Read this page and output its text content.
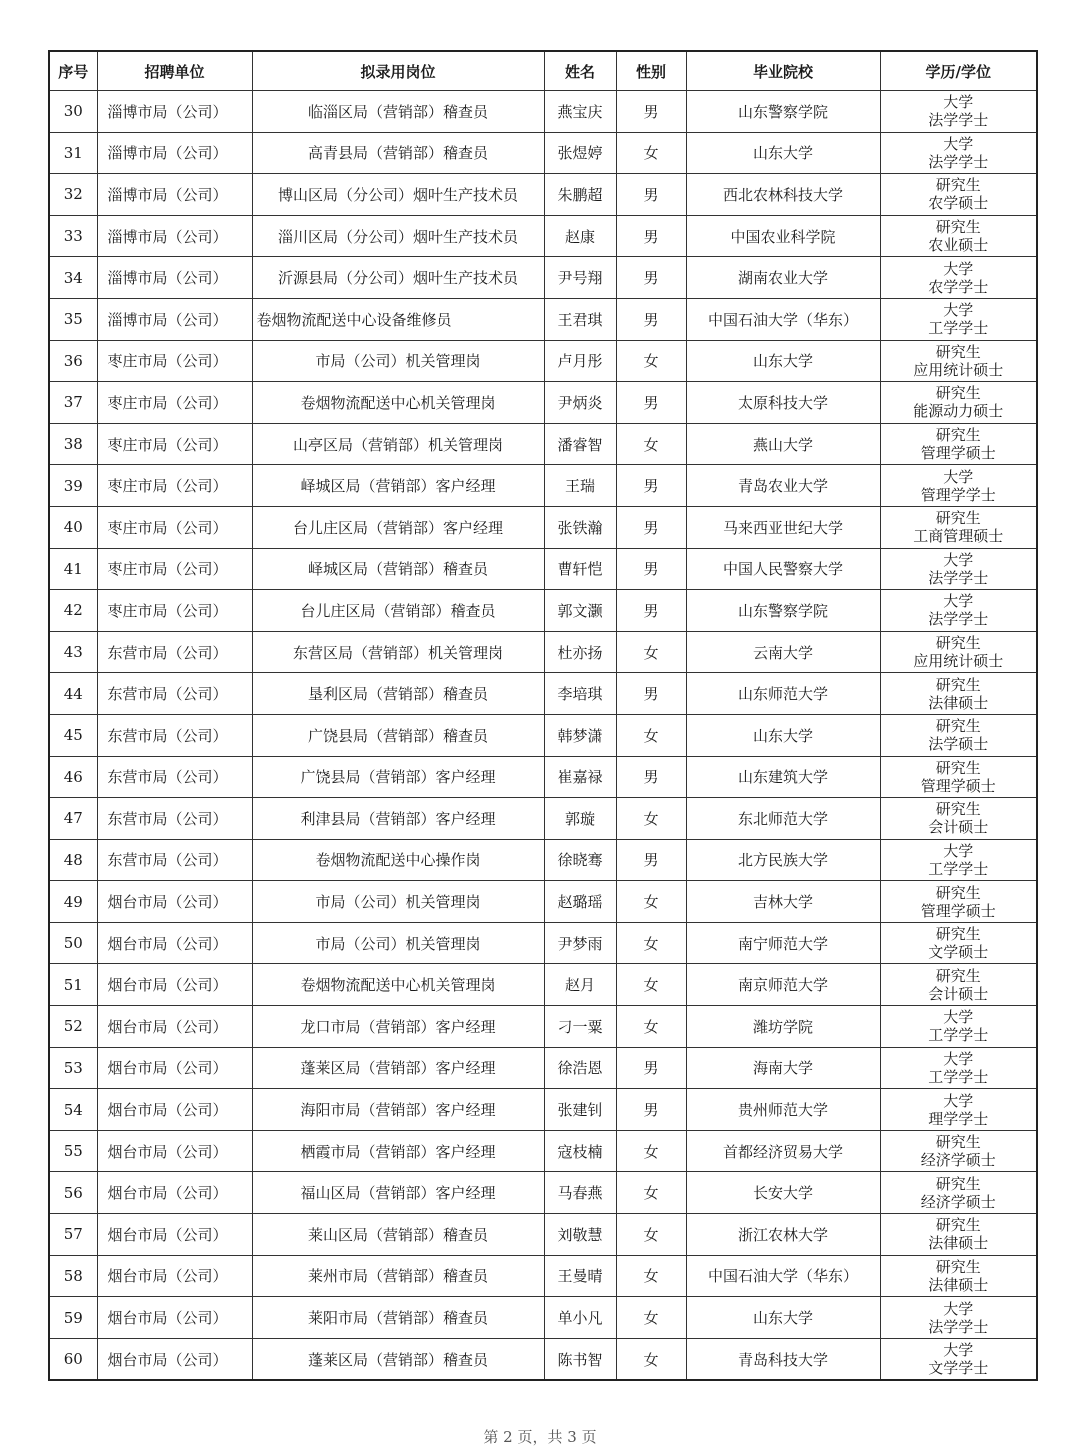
序号	招聘单位	拟录用岗位	姓名	性别	毕业院校	学历/学位
30	淄博市局（公司）	临淄区局（营销部）稽查员	燕宝庆	男	山东警察学院	大学
法学学士

31	淄博市局（公司）	高青县局（营销部）稽查员	张煜婷	女	山东大学	大学
法学学士

32	淄博市局（公司）	博山区局（分公司）烟叶生产技术员	朱鹏超	男	西北农林科技大学	研究生
农学硕士

33	淄博市局（公司）	淄川区局（分公司）烟叶生产技术员	赵康	男	中国农业科学院	研究生
农业硕士

34	淄博市局（公司）	沂源县局（分公司）烟叶生产技术员	尹号翔	男	湖南农业大学	大学
农学学士

35	淄博市局（公司）	卷烟物流配送中心设备维修员	王君琪	男	中国石油大学（华东）	大学
工学学士

36	枣庄市局（公司）	市局（公司）机关管理岗	卢月彤	女	山东大学	研究生
应用统计硕士

37	枣庄市局（公司）	卷烟物流配送中心机关管理岗	尹炳炎	男	太原科技大学	研究生
能源动力硕士

38	枣庄市局（公司）	山亭区局（营销部）机关管理岗	潘睿智	女	燕山大学	研究生
管理学硕士

39	枣庄市局（公司）	峄城区局（营销部）客户经理	王瑞	男	青岛农业大学	大学
管理学学士

40	枣庄市局（公司）	台儿庄区局（营销部）客户经理	张铁瀚	男	马来西亚世纪大学	研究生
工商管理硕士

41	枣庄市局（公司）	峄城区局（营销部）稽查员	曹轩恺	男	中国人民警察大学	大学
法学学士

42	枣庄市局（公司）	台儿庄区局（营销部）稽查员	郭文灏	男	山东警察学院	大学
法学学士

43	东营市局（公司）	东营区局（营销部）机关管理岗	杜亦扬	女	云南大学	研究生
应用统计硕士

44	东营市局（公司）	垦利区局（营销部）稽查员	李培琪	男	山东师范大学	研究生
法律硕士

45	东营市局（公司）	广饶县局（营销部）稽查员	韩梦潇	女	山东大学	研究生
法学硕士

46	东营市局（公司）	广饶县局（营销部）客户经理	崔嘉禄	男	山东建筑大学	研究生
管理学硕士

47	东营市局（公司）	利津县局（营销部）客户经理	郭璇	女	东北师范大学	研究生
会计硕士

48	东营市局（公司）	卷烟物流配送中心操作岗	徐晓骞	男	北方民族大学	大学
工学学士

49	烟台市局（公司）	市局（公司）机关管理岗	赵璐瑶	女	吉林大学	研究生
管理学硕士

50	烟台市局（公司）	市局（公司）机关管理岗	尹梦雨	女	南宁师范大学	研究生
文学硕士

51	烟台市局（公司）	卷烟物流配送中心机关管理岗	赵月	女	南京师范大学	研究生
会计硕士

52	烟台市局（公司）	龙口市局（营销部）客户经理	刁一粟	女	潍坊学院	大学
工学学士

53	烟台市局（公司）	蓬莱区局（营销部）客户经理	徐浩恩	男	海南大学	大学
工学学士

54	烟台市局（公司）	海阳市局（营销部）客户经理	张建钊	男	贵州师范大学	大学
理学学士

55	烟台市局（公司）	栖霞市局（营销部）客户经理	寇枝楠	女	首都经济贸易大学	研究生
经济学硕士

56	烟台市局（公司）	福山区局（营销部）客户经理	马春燕	女	长安大学	研究生
经济学硕士

57	烟台市局（公司）	莱山区局（营销部）稽查员	刘敬慧	女	浙江农林大学	研究生
法律硕士

58	烟台市局（公司）	莱州市局（营销部）稽查员	王曼晴	女	中国石油大学（华东）	研究生
法律硕士

59	烟台市局（公司）	莱阳市局（营销部）稽查员	单小凡	女	山东大学	大学
法学学士

60	烟台市局（公司）	蓬莱区局（营销部）稽查员	陈书智	女	青岛科技大学	大学
文学学士
第 2 页，共 3 页
